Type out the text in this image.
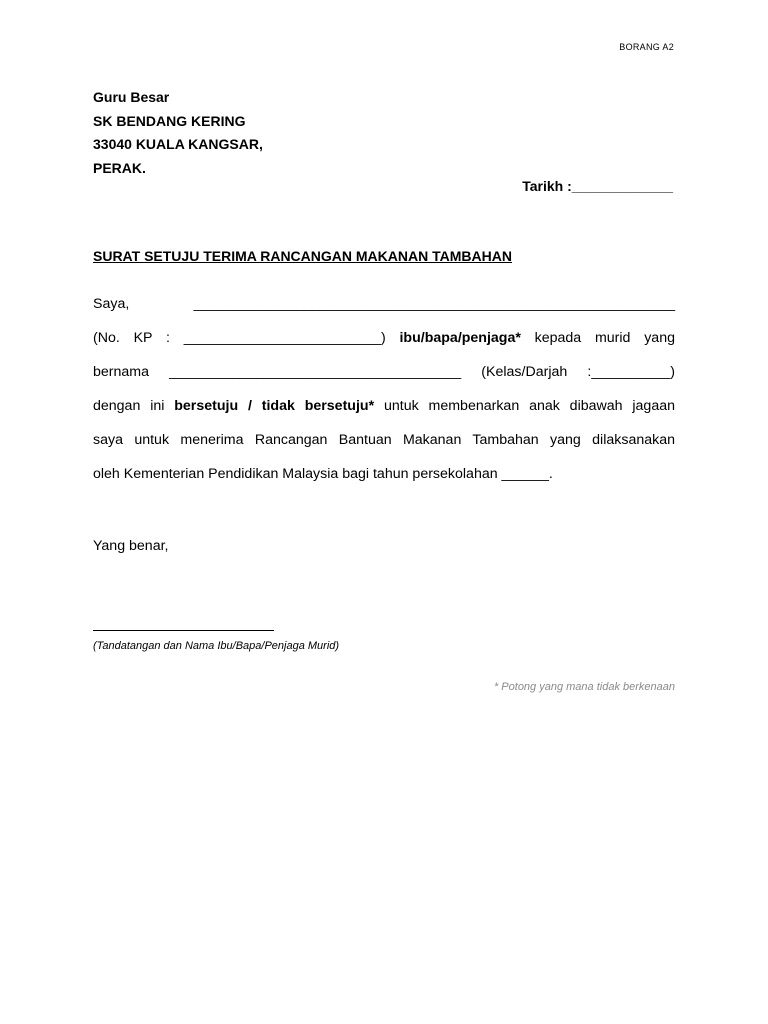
BORANG A2
Guru Besar
SK BENDANG KERING
33040 KUALA KANGSAR,
PERAK.
Tarikh :_____________
SURAT SETUJU TERIMA RANCANGAN MAKANAN TAMBAHAN
Saya,	_____________________________________________________________
(No. KP : _________________________) ibu/bapa/penjaga* kepada murid yang
bernama _____________________________________ (Kelas/Darjah :__________)
dengan ini bersetuju / tidak bersetuju* untuk membenarkan anak dibawah jagaan
saya untuk menerima Rancangan Bantuan Makanan Tambahan yang dilaksanakan
oleh Kementerian Pendidikan Malaysia bagi tahun persekolahan ______.
Yang benar,
(Tandatangan dan Nama Ibu/Bapa/Penjaga Murid)
* Potong yang mana tidak berkenaan
